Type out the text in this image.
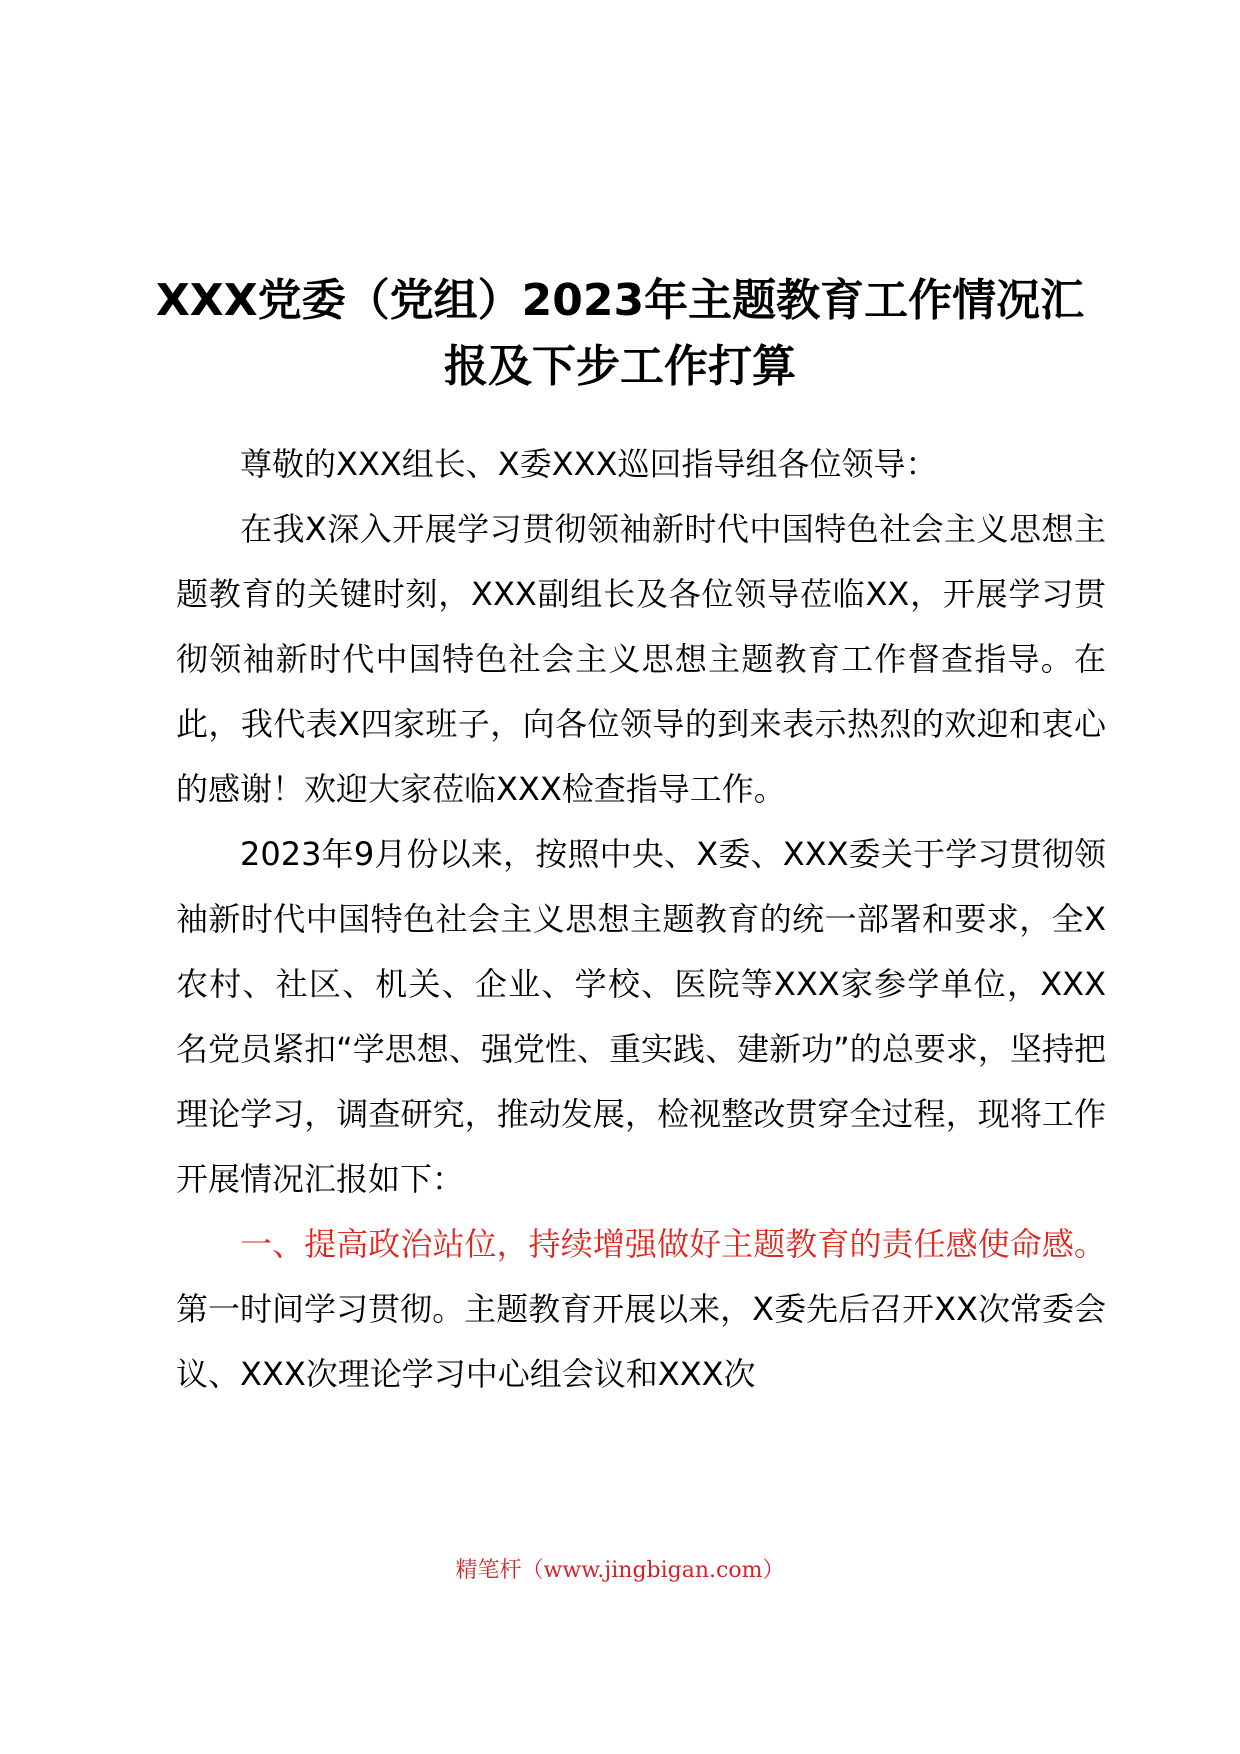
XXX党委（党组）2023年主题教育工作情况汇报及下步工作打算

尊敬的XXX组长、X委XXX巡回指导组各位领导：

在我X深入开展学习贯彻领袖新时代中国特色社会主义思想主题教育的关键时刻，XXX副组长及各位领导莅临XX，开展学习贯彻领袖新时代中国特色社会主义思想主题教育工作督查指导。在此，我代表X四家班子，向各位领导的到来表示热烈的欢迎和衷心的感谢！欢迎大家莅临XXX检查指导工作。

2023年9月份以来，按照中央、X委、XXX委关于学习贯彻领袖新时代中国特色社会主义思想主题教育的统一部署和要求，全X农村、社区、机关、企业、学校、医院等XXX家参学单位，XXX名党员紧扣“学思想、强党性、重实践、建新功”的总要求，坚持把理论学习，调查研究，推动发展，检视整改贯穿全过程，现将工作开展情况汇报如下：

一、提高政治站位，持续增强做好主题教育的责任感使命感。第一时间学习贯彻。主题教育开展以来，X委先后召开XX次常委会议、XXX次理论学习中心组会议和XXX次

精笔杆（www.jingbigan.com）
